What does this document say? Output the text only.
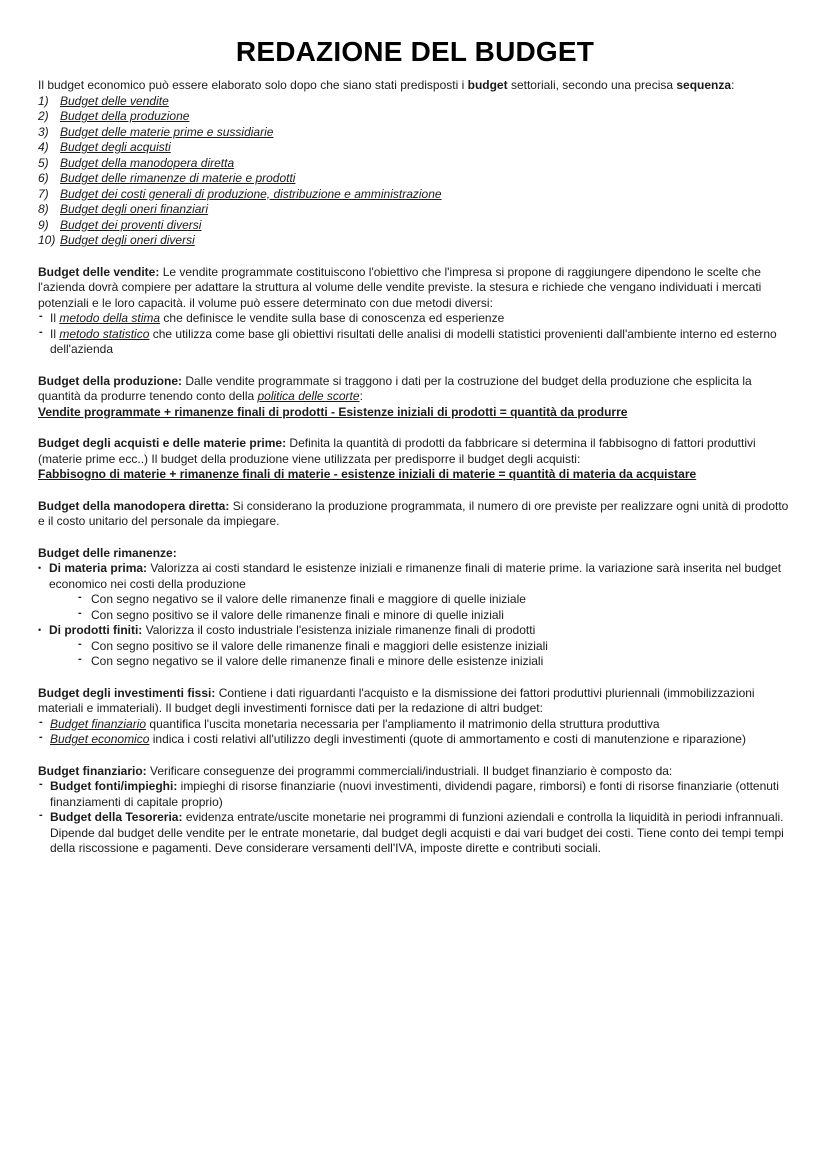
REDAZIONE DEL BUDGET
Il budget economico può essere elaborato solo dopo che siano stati predisposti i budget settoriali, secondo una precisa sequenza:
1) Budget delle vendite
2) Budget della produzione
3) Budget delle materie prime e sussidiarie
4) Budget degli acquisti
5) Budget della manodopera diretta
6) Budget delle rimanenze di materie e prodotti
7) Budget dei costi generali di produzione, distribuzione e amministrazione
8) Budget degli oneri finanziari
9) Budget dei proventi diversi
10) Budget degli oneri diversi
Budget delle vendite: Le vendite programmate costituiscono l'obiettivo che l'impresa si propone di raggiungere dipendono le scelte che l'azienda dovrà compiere per adattare la struttura al volume delle vendite previste. la stesura e richiede che vengano individuati i mercati potenziali e le loro capacità. il volume può essere determinato con due metodi diversi:
- Il metodo della stima che definisce le vendite sulla base di conoscenza ed esperienze
- Il metodo statistico che utilizza come base gli obiettivi risultati delle analisi di modelli statistici provenienti dall'ambiente interno ed esterno dell'azienda
Budget della produzione: Dalle vendite programmate si traggono i dati per la costruzione del budget della produzione che esplicita la quantità da produrre tenendo conto della politica delle scorte:
Vendite programmate + rimanenze finali di prodotti - Esistenze iniziali di prodotti = quantità da produrre
Budget degli acquisti e delle materie prime: Definita la quantità di prodotti da fabbricare si determina il fabbisogno di fattori produttivi (materie prime ecc..) Il budget della produzione viene utilizzata per predisporre il budget degli acquisti:
Fabbisogno di materie + rimanenze finali di materie - esistenze iniziali di materie = quantità di materia da acquistare
Budget della manodopera diretta: Si considerano la produzione programmata, il numero di ore previste per realizzare ogni unità di prodotto e il costo unitario del personale da impiegare.
Budget delle rimanenze:
• Di materia prima: Valorizza ai costi standard le esistenze iniziali e rimanenze finali di materie prime. la variazione sarà inserita nel budget economico nei costi della produzione
- Con segno negativo se il valore delle rimanenze finali e maggiore di quelle iniziale
- Con segno positivo se il valore delle rimanenze finali e minore di quelle iniziali
• Di prodotti finiti: Valorizza il costo industriale l'esistenza iniziale rimanenze finali di prodotti
- Con segno positivo se il valore delle rimanenze finali e maggiori delle esistenze iniziali
- Con segno negativo se il valore delle rimanenze finali e minore delle esistenze iniziali
Budget degli investimenti fissi: Contiene i dati riguardanti l'acquisto e la dismissione dei fattori produttivi pluriennali (immobilizzazioni materiali e immateriali). Il budget degli investimenti fornisce dati per la redazione di altri budget:
- Budget finanziario quantifica l'uscita monetaria necessaria per l'ampliamento il matrimonio della struttura produttiva
- Budget economico indica i costi relativi all'utilizzo degli investimenti (quote di ammortamento e costi di manutenzione e riparazione)
Budget finanziario: Verificare conseguenze dei programmi commerciali/industriali. Il budget finanziario è composto da:
- Budget fonti/impieghi: impieghi di risorse finanziarie (nuovi investimenti, dividendi pagare, rimborsi) e fonti di risorse finanziarie (ottenuti finanziamenti di capitale proprio)
- Budget della Tesoreria: evidenza entrate/uscite monetarie nei programmi di funzioni aziendali e controlla la liquidità in periodi infrannuali. Dipende dal budget delle vendite per le entrate monetarie, dal budget degli acquisti e dai vari budget dei costi. Tiene conto dei tempi tempi della riscossione e pagamenti. Deve considerare versamenti dell'IVA, imposte dirette e contributi sociali.
